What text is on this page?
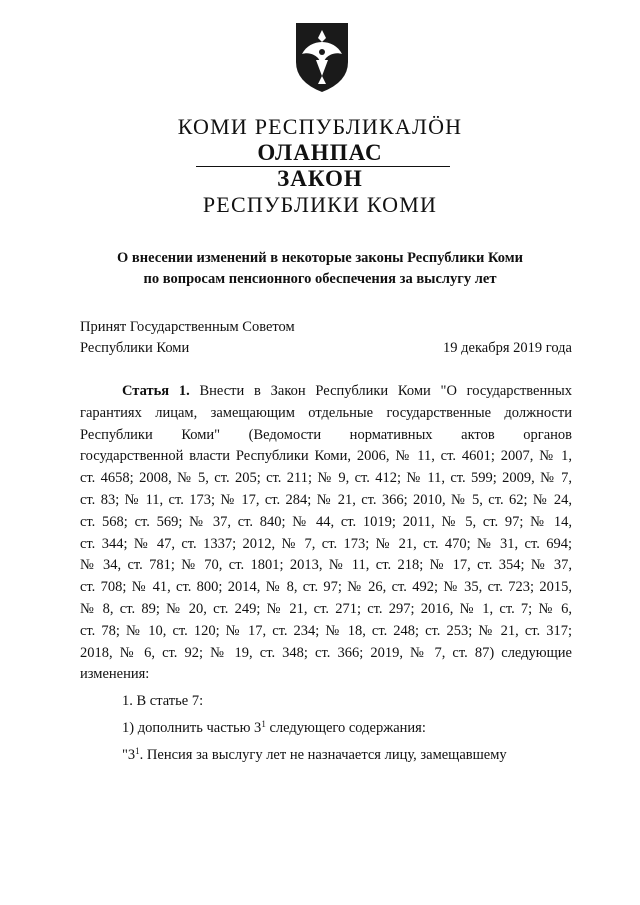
КОМИ РЕСПУБЛИКАЛӦН
ОЛАНПАС
ЗАКОН
РЕСПУБЛИКИ КОМИ
О внесении изменений в некоторые законы Республики Коми
по вопросам пенсионного обеспечения за выслугу лет
Принят Государственным Советом
Республики Коми	19 декабря 2019 года
Статья 1. Внести в Закон Республики Коми "О государственных
гарантиях лицам, замещающим отдельные государственные должности
Республики Коми" (Ведомости нормативных актов органов
государственной власти Республики Коми, 2006, № 11, ст. 4601; 2007, № 1,
ст. 4658; 2008, № 5, ст. 205; ст. 211; № 9, ст. 412; № 11, ст. 599; 2009, № 7,
ст. 83; № 11, ст. 173; № 17, ст. 284; № 21, ст. 366; 2010, № 5, ст. 62; № 24,
ст. 568; ст. 569; № 37, ст. 840; № 44, ст. 1019; 2011, № 5, ст. 97; № 14,
ст. 344; № 47, ст. 1337; 2012, № 7, ст. 173; № 21, ст. 470; № 31, ст. 694;
№ 34, ст. 781; № 70, ст. 1801; 2013, № 11, ст. 218; № 17, ст. 354; № 37,
ст. 708; № 41, ст. 800; 2014, № 8, ст. 97; № 26, ст. 492; № 35, ст. 723; 2015,
№ 8, ст. 89; № 20, ст. 249; № 21, ст. 271; ст. 297; 2016, № 1, ст. 7; № 6,
ст. 78; № 10, ст. 120; № 17, ст. 234; № 18, ст. 248; ст. 253; № 21, ст. 317;
2018, № 6, ст. 92; № 19, ст. 348; ст. 366; 2019, № 7, ст. 87) следующие
изменения:
1. В статье 7:
1) дополнить частью $3^1$ следующего содержания:
"$3^1$. Пенсия за выслугу лет не назначается лицу, замещавшему
